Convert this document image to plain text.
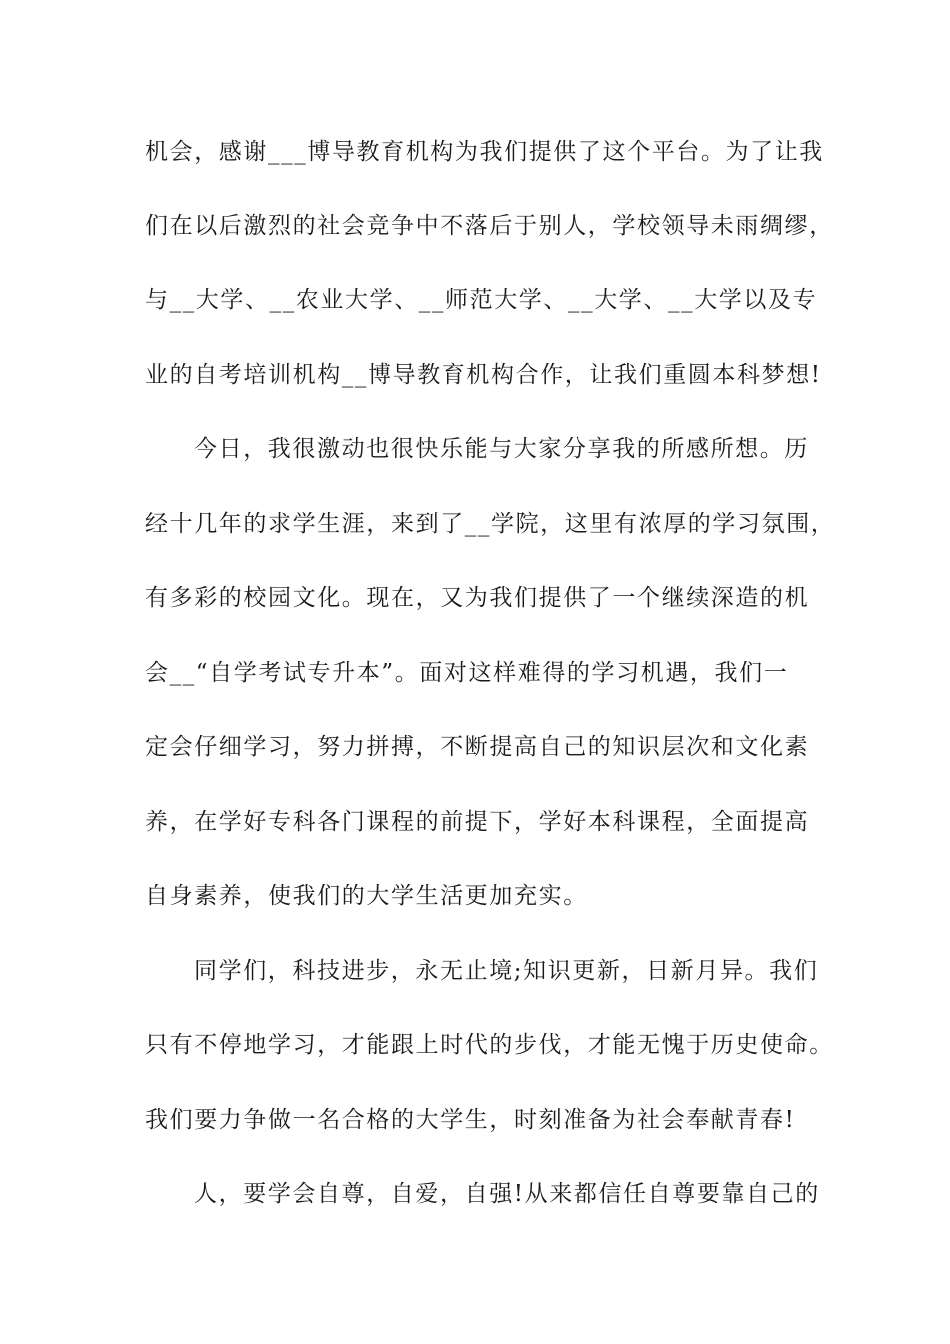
机会，感谢___博导教育机构为我们提供了这个平台。为了让我
们在以后激烈的社会竞争中不落后于别人，学校领导未雨绸缪，
与__大学、__农业大学、__师范大学、__大学、__大学以及专
业的自考培训机构__博导教育机构合作，让我们重圆本科梦想!
今日，我很激动也很快乐能与大家分享我的所感所想。历
经十几年的求学生涯，来到了__学院，这里有浓厚的学习氛围，
有多彩的校园文化。现在，又为我们提供了一个继续深造的机
会__“自学考试专升本”。面对这样难得的学习机遇，我们一
定会仔细学习，努力拼搏，不断提高自己的知识层次和文化素
养，在学好专科各门课程的前提下，学好本科课程，全面提高
自身素养，使我们的大学生活更加充实。
同学们，科技进步，永无止境;知识更新，日新月异。我们
只有不停地学习，才能跟上时代的步伐，才能无愧于历史使命。
我们要力争做一名合格的大学生，时刻准备为社会奉献青春!
人，要学会自尊，自爱，自强!从来都信任自尊要靠自己的
